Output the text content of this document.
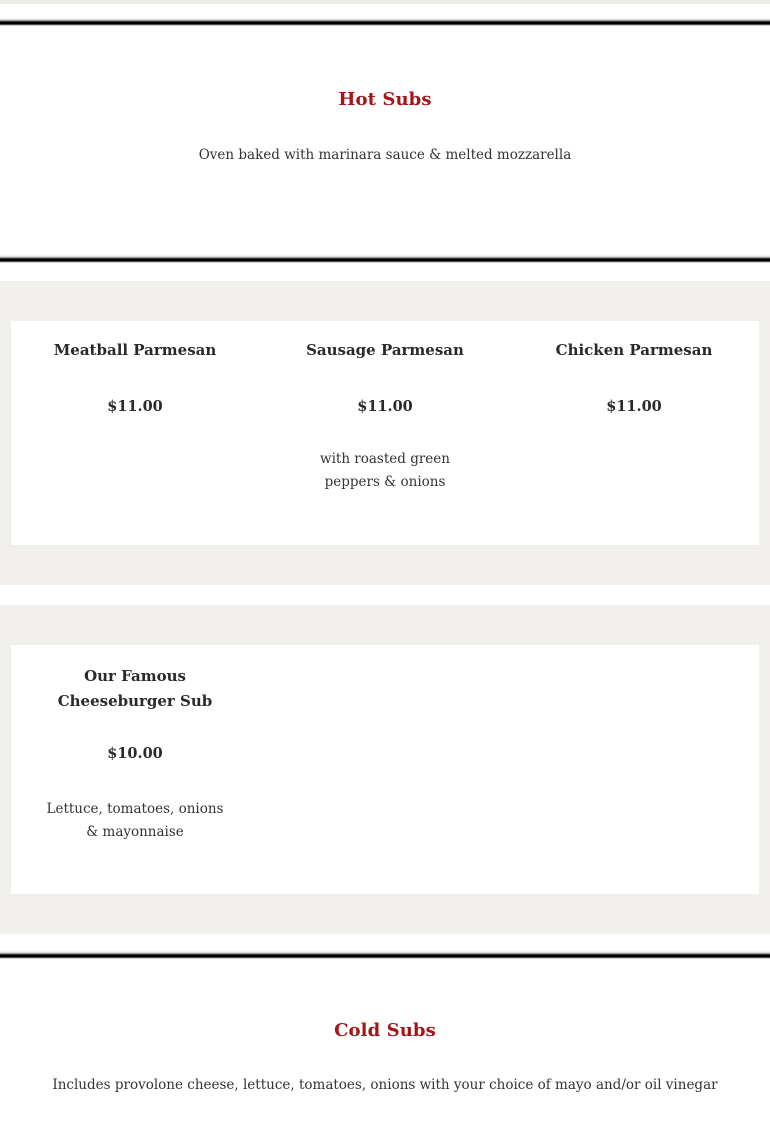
Hot Subs
Oven baked with marinara sauce & melted mozzarella
Meatball Parmesan
$11.00
Sausage Parmesan
$11.00
with roasted green peppers & onions
Chicken Parmesan
$11.00
Our Famous Cheeseburger Sub
$10.00
Lettuce, tomatoes, onions & mayonnaise
Cold Subs
Includes provolone cheese, lettuce, tomatoes, onions with your choice of mayo and/or oil vinegar
